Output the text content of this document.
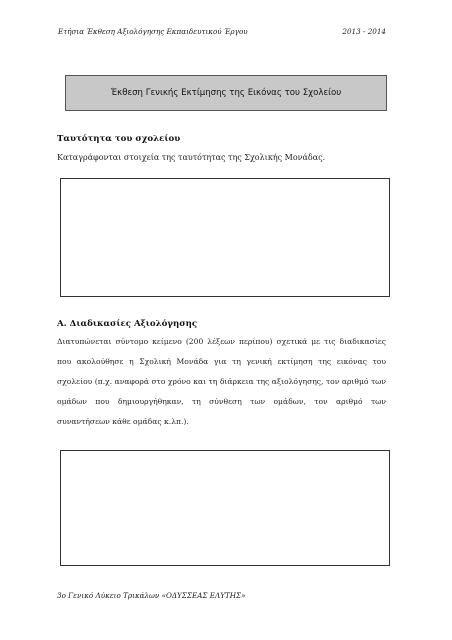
Ετήσια Έκθεση Αξιολόγησης Εκπαιδευτικού Έργου	2013 - 2014
Έκθεση Γενικής Εκτίμησης της Εικόνας του Σχολείου
Ταυτότητα του σχολείου
Καταγράφονται στοιχεία της ταυτότητας της Σχολικής Μονάδας.
Α. Διαδικασίες Αξιολόγησης
Διατυπώνεται σύντομο κείμενο (200 λέξεων περίπου) σχετικά με τις διαδικασίες που ακολούθησε η Σχολική Μονάδα για τη γενική εκτίμηση της εικόνας του σχολείου (π.χ. αναφορά στο χρόνο και τη διάρκεια της αξιολόγησης, τον αριθμό των ομάδων που δημιουργήθηκαν, τη σύνθεση των ομάδων, τον αριθμό των συναντήσεων κάθε ομάδας κ.λπ.).
3ο Γενικό Λύκειο Τρικάλων «ΟΔΥΣΣΕΑΣ ΕΛΥΤΗΣ»
